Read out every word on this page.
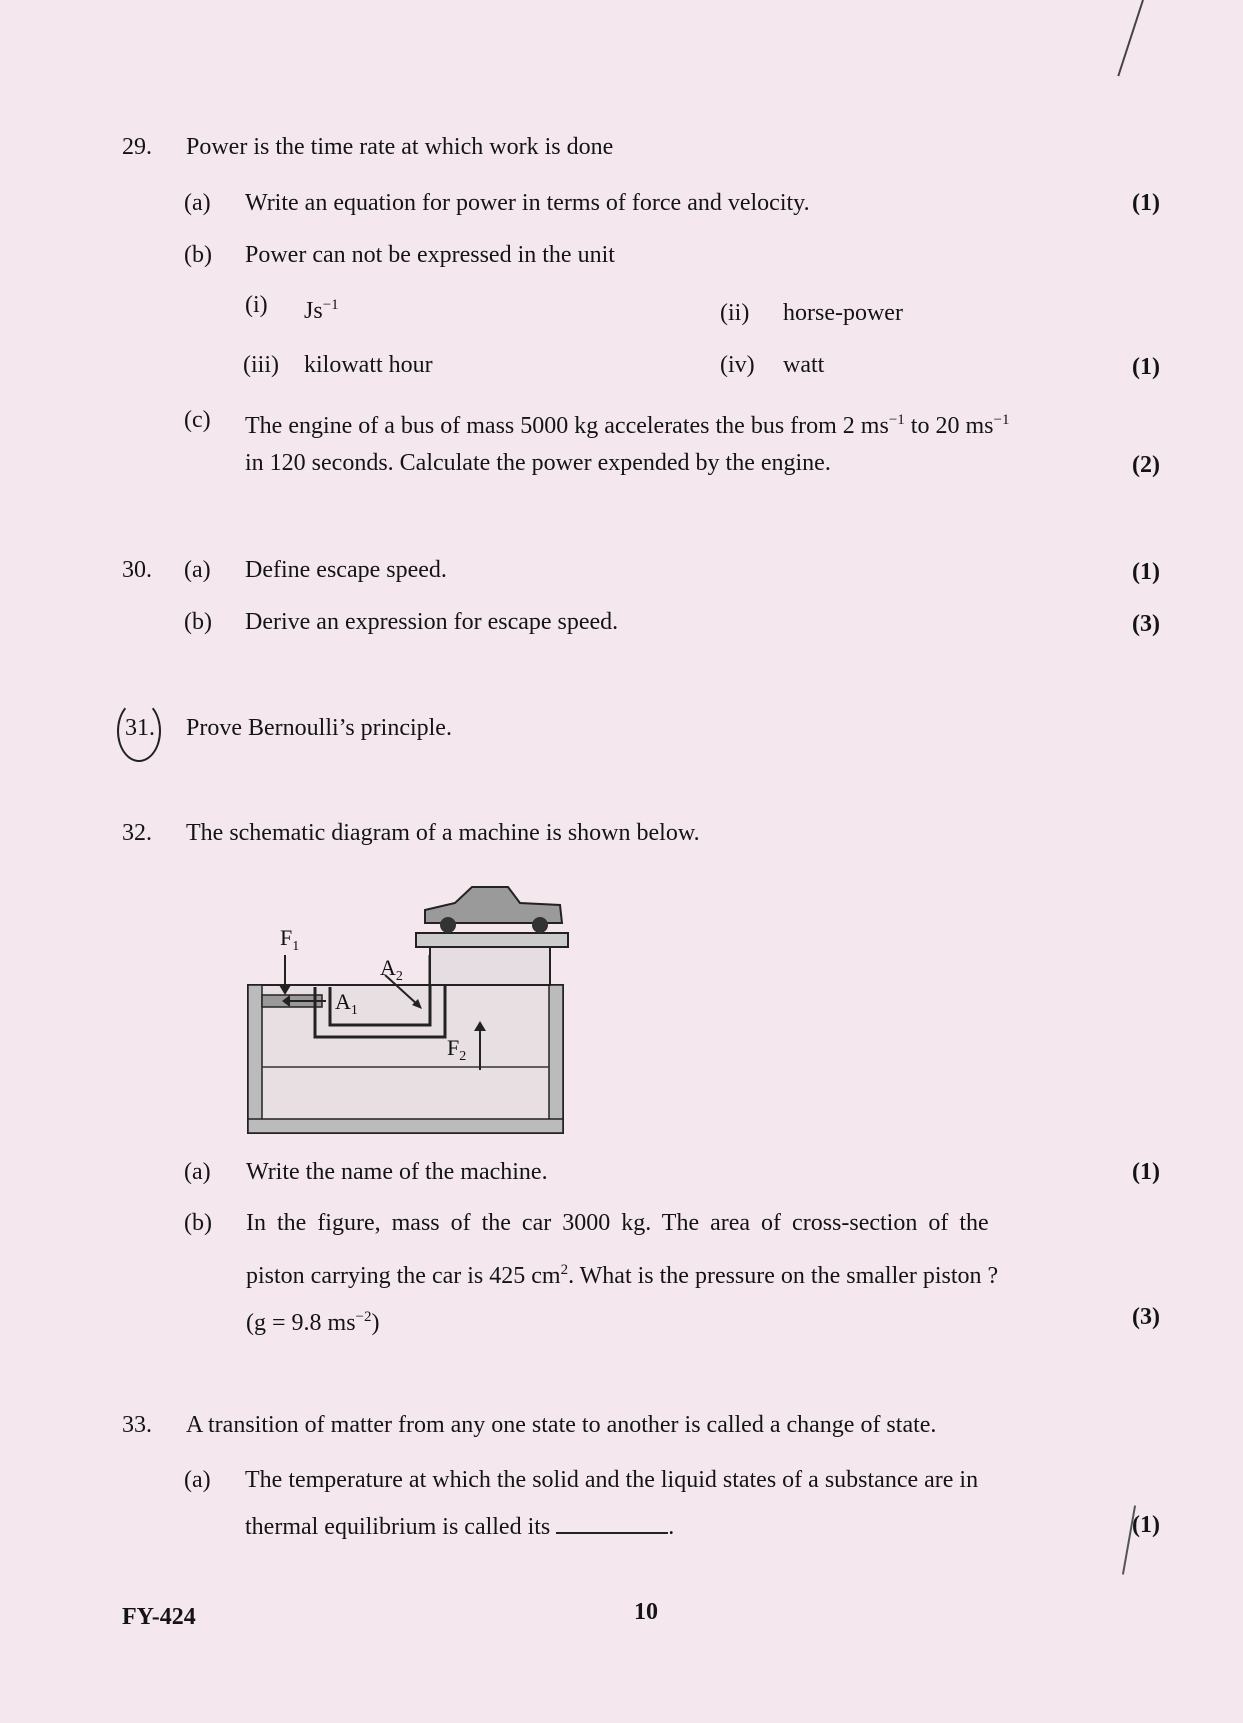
29. Power is the time rate at which work is done
(a) Write an equation for power in terms of force and velocity.	(1)
(b) Power can not be expressed in the unit
(i) $Js^{-1}$	(ii) horse-power
(iii) kilowatt hour	(iv) watt	(1)
(c) The engine of a bus of mass 5000 kg accelerates the bus from 2 $ms^{-1}$ to 20 $ms^{-1}$
in 120 seconds. Calculate the power expended by the engine.	(2)
30. (a) Define escape speed.	(1)
(b) Derive an expression for escape speed.	(3)
31. Prove Bernoulli’s principle.
32. The schematic diagram of a machine is shown below.
$F_1$
$A_2$
$A_1$
$F_2$
(a) Write the name of the machine.	(1)
(b) In the figure, mass of the car 3000 kg. The area of cross-section of the
piston carrying the car is 425 $cm^2$. What is the pressure on the smaller piston ?
(g = 9.8 $ms^{-2}$)	(3)
33. A transition of matter from any one state to another is called a change of state.
(a) The temperature at which the solid and the liquid states of a substance are in
thermal equilibrium is called its	.	(1)
FY-424	10
